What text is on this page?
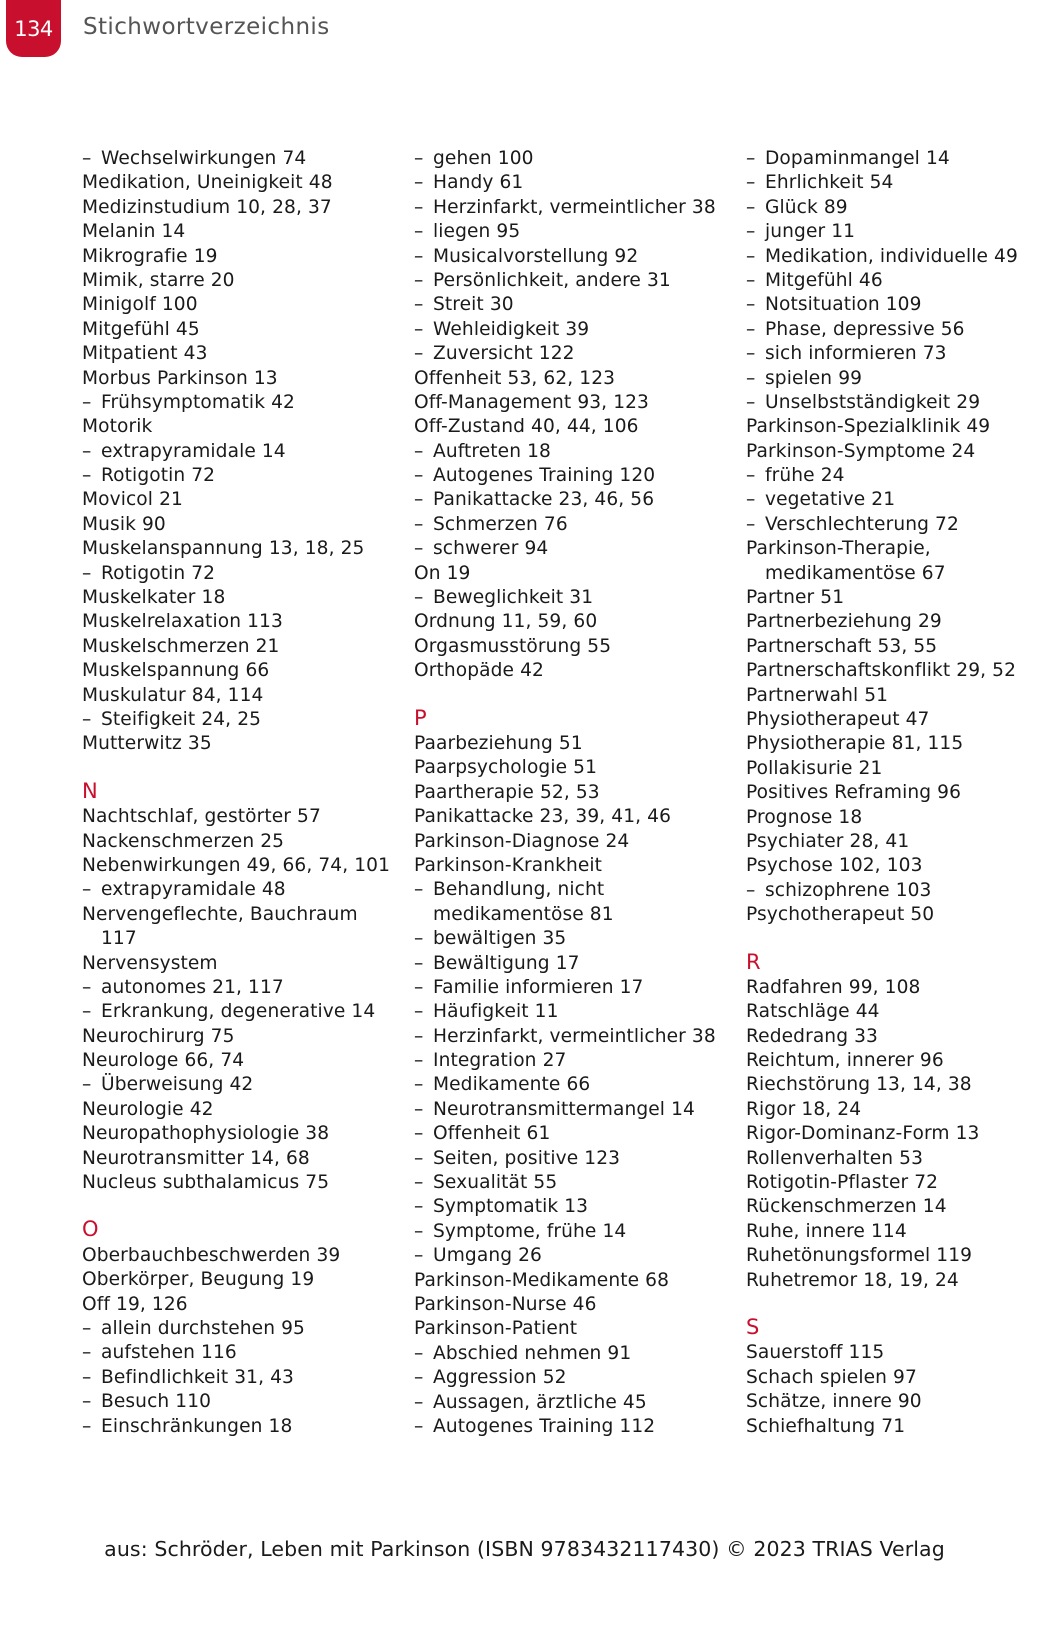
134 Stichwortverzeichnis
– Wechselwirkungen 74
Medikation, Uneinigkeit 48
Medizinstudium 10, 28, 37
Melanin 14
Mikrografie 19
Mimik, starre 20
Minigolf 100
Mitgefühl 45
Mitpatient 43
Morbus Parkinson 13
– Frühsymptomatik 42
Motorik
– extrapyramidale 14
– Rotigotin 72
Movicol 21
Musik 90
Muskelanspannung 13, 18, 25
– Rotigotin 72
Muskelkater 18
Muskelrelaxation 113
Muskelschmerzen 21
Muskelspannung 66
Muskulatur 84, 114
– Steifigkeit 24, 25
Mutterwitz 35
N
Nachtschlaf, gestörter 57
Nackenschmerzen 25
Nebenwirkungen 49, 66, 74, 101
– extrapyramidale 48
Nervengeflechte, Bauchraum
117
Nervensystem
– autonomes 21, 117
– Erkrankung, degenerative 14
Neurochirurg 75
Neurologe 66, 74
– Überweisung 42
Neurologie 42
Neuropathophysiologie 38
Neurotransmitter 14, 68
Nucleus subthalamicus 75
O
Oberbauchbeschwerden 39
Oberkörper, Beugung 19
Off 19, 126
– allein durchstehen 95
– aufstehen 116
– Befindlichkeit 31, 43
– Besuch 110
– Einschränkungen 18
– gehen 100
– Handy 61
– Herzinfarkt, vermeintlicher 38
– liegen 95
– Musicalvorstellung 92
– Persönlichkeit, andere 31
– Streit 30
– Wehleidigkeit 39
– Zuversicht 122
Offenheit 53, 62, 123
Off-Management 93, 123
Off-Zustand 40, 44, 106
– Auftreten 18
– Autogenes Training 120
– Panikattacke 23, 46, 56
– Schmerzen 76
– schwerer 94
On 19
– Beweglichkeit 31
Ordnung 11, 59, 60
Orgasmusstörung 55
Orthopäde 42
P
Paarbeziehung 51
Paarpsychologie 51
Paartherapie 52, 53
Panikattacke 23, 39, 41, 46
Parkinson-Diagnose 24
Parkinson-Krankheit
– Behandlung, nicht
medikamentöse 81
– bewältigen 35
– Bewältigung 17
– Familie informieren 17
– Häufigkeit 11
– Herzinfarkt, vermeintlicher 38
– Integration 27
– Medikamente 66
– Neurotransmittermangel 14
– Offenheit 61
– Seiten, positive 123
– Sexualität 55
– Symptomatik 13
– Symptome, frühe 14
– Umgang 26
Parkinson-Medikamente 68
Parkinson-Nurse 46
Parkinson-Patient
– Abschied nehmen 91
– Aggression 52
– Aussagen, ärztliche 45
– Autogenes Training 112
– Dopaminmangel 14
– Ehrlichkeit 54
– Glück 89
– junger 11
– Medikation, individuelle 49
– Mitgefühl 46
– Notsituation 109
– Phase, depressive 56
– sich informieren 73
– spielen 99
– Unselbstständigkeit 29
Parkinson-Spezialklinik 49
Parkinson-Symptome 24
– frühe 24
– vegetative 21
– Verschlechterung 72
Parkinson-Therapie,
medikamentöse 67
Partner 51
Partnerbeziehung 29
Partnerschaft 53, 55
Partnerschaftskonflikt 29, 52
Partnerwahl 51
Physiotherapeut 47
Physiotherapie 81, 115
Pollakisurie 21
Positives Reframing 96
Prognose 18
Psychiater 28, 41
Psychose 102, 103
– schizophrene 103
Psychotherapeut 50
R
Radfahren 99, 108
Ratschläge 44
Rededrang 33
Reichtum, innerer 96
Riechstörung 13, 14, 38
Rigor 18, 24
Rigor-Dominanz-Form 13
Rollenverhalten 53
Rotigotin-Pflaster 72
Rückenschmerzen 14
Ruhe, innere 114
Ruhetönungsformel 119
Ruhetremor 18, 19, 24
S
Sauerstoff 115
Schach spielen 97
Schätze, innere 90
Schiefhaltung 71
aus: Schröder, Leben mit Parkinson (ISBN 9783432117430) © 2023 TRIAS Verlag
